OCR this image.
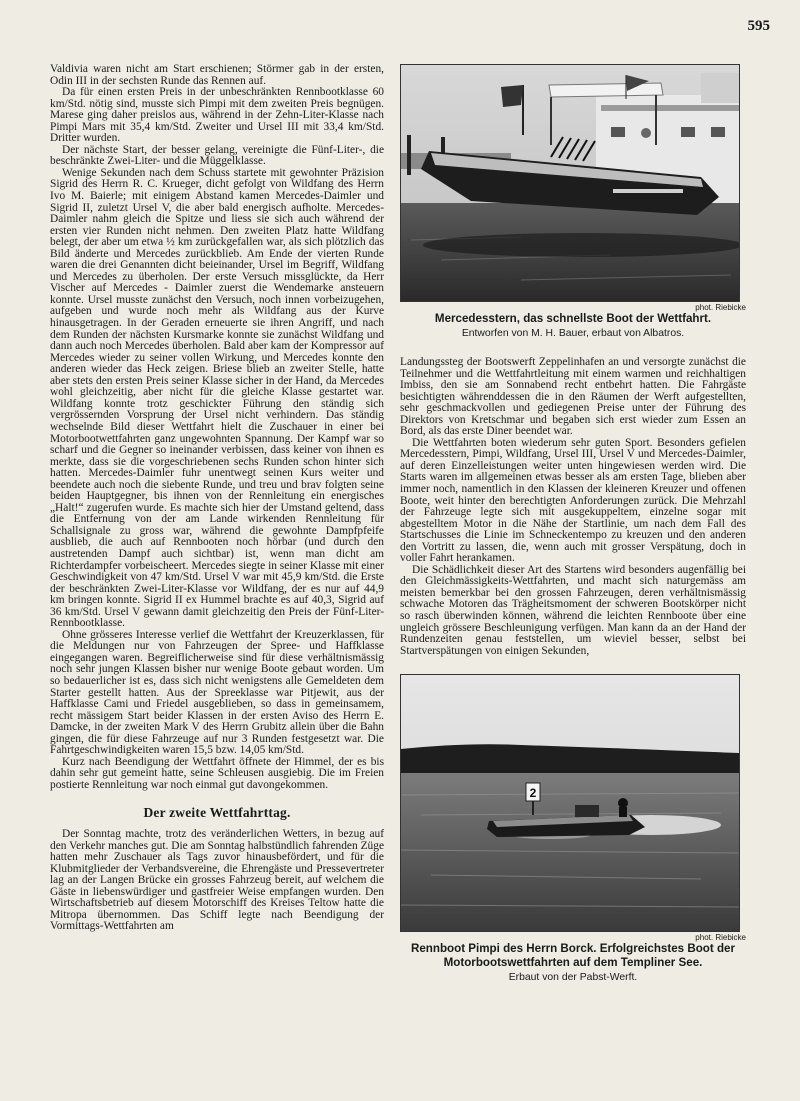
595

Valdivia waren nicht am Start erschienen; Störmer gab in der ersten, Odin III in der sechsten Runde das Rennen auf.

Da für einen ersten Preis in der unbeschränkten Rennbootklasse 60 km/Std. nötig sind, musste sich Pimpi mit dem zweiten Preis begnügen. Marese ging daher preislos aus, während in der Zehn-Liter-Klasse nach Pimpi Mars mit 35,4 km/Std. Zweiter und Ursel III mit 33,4 km/Std. Dritter wurden.

Der nächste Start, der besser gelang, vereinigte die Fünf-Liter-, die beschränkte Zwei-Liter- und die Müggelklasse.

Wenige Sekunden nach dem Schuss startete mit gewohnter Präzision Sigrid des Herrn R. C. Krueger, dicht gefolgt von Wildfang des Herrn Ivo M. Baierle; mit einigem Abstand kamen Mercedes-Daimler und Sigrid II, zuletzt Ursel V, die aber bald energisch aufholte. Mercedes-Daimler nahm gleich die Spitze und liess sie sich auch während der ersten vier Runden nicht nehmen. Den zweiten Platz hatte Wildfang belegt, der aber um etwa ½ km zurückgefallen war, als sich plötzlich das Bild änderte und Mercedes zurückblieb. Am Ende der vierten Runde waren die drei Genannten dicht beieinander, Ursel im Begriff, Wildfang und Mercedes zu überholen. Der erste Versuch missglückte, da Herr Vischer auf Mercedes - Daimler zuerst die Wendemarke ansteuern konnte. Ursel musste zunächst den Versuch, noch innen vorbeizugehen, aufgeben und wurde noch mehr als Wildfang aus der Kurve hinausgetragen. In der Geraden erneuerte sie ihren Angriff, und nach dem Runden der nächsten Kursmarke konnte sie zunächst Wildfang und dann auch noch Mercedes überholen. Bald aber kam der Kompressor auf Mercedes wieder zu seiner vollen Wirkung, und Mercedes konnte den anderen wieder das Heck zeigen. Briese blieb an zweiter Stelle, hatte aber stets den ersten Preis seiner Klasse sicher in der Hand, da Mercedes wohl gleichzeitig, aber nicht für die gleiche Klasse gestartet war. Wildfang konnte trotz geschickter Führung den ständig sich vergrössernden Vorsprung der Ursel nicht verhindern. Das ständig wechselnde Bild dieser Wettfahrt hielt die Zuschauer in einer bei Motorbootwettfahrten ganz ungewohnten Spannung. Der Kampf war so scharf und die Gegner so ineinander verbissen, dass keiner von ihnen es merkte, dass sie die vorgeschriebenen sechs Runden schon hinter sich hatten. Mercedes-Daimler fuhr unentwegt seinen Kurs weiter und beendete auch noch die siebente Runde, und treu und brav folgten seine beiden Hauptgegner, bis ihnen von der Rennleitung ein energisches „Halt!“ zugerufen wurde. Es machte sich hier der Umstand geltend, dass die Entfernung von der am Lande wirkenden Rennleitung für Schallsignale zu gross war, während die gewohnte Dampfpfeife ausblieb, die auch auf Rennbooten noch hörbar (und durch den austretenden Dampf auch sichtbar) ist, wenn man dicht am Richterdampfer vorbeischeert. Mercedes siegte in seiner Klasse mit einer Geschwindigkeit von 47 km/Std. Ursel V war mit 45,9 km/Std. die Erste der beschränkten Zwei-Liter-Klasse vor Wildfang, der es nur auf 44,9 km bringen konnte. Sigrid II ex Hummel brachte es auf 40,3, Sigrid auf 36 km/Std. Ursel V gewann damit gleichzeitig den Preis der Fünf-Liter-Rennbootklasse.

Ohne grösseres Interesse verlief die Wettfahrt der Kreuzerklassen, für die Meldungen nur von Fahrzeugen der Spree- und Haffklasse eingegangen waren. Begreiflicherweise sind für diese verhältnismässig noch sehr jungen Klassen bisher nur wenige Boote gebaut worden. Um so bedauerlicher ist es, dass sich nicht wenigstens alle Gemeldeten dem Starter gestellt hatten. Aus der Spreeklasse war Pitjewit, aus der Haffklasse Cami und Friedel ausgeblieben, so dass in gemeinsamem, recht mässigem Start beider Klassen in der ersten Aviso des Herrn E. Damcke, in der zweiten Mark V des Herrn Grubitz allein über die Bahn gingen, die für diese Fahrzeuge auf nur 3 Runden festgesetzt war. Die Fahrtgeschwindigkeiten waren 15,5 bzw. 14,05 km/Std.

Kurz nach Beendigung der Wettfahrt öffnete der Himmel, der es bis dahin sehr gut gemeint hatte, seine Schleusen ausgiebig. Die im Freien postierte Rennleitung war noch einmal gut davongekommen.

Der zweite Wettfahrttag.

Der Sonntag machte, trotz des veränderlichen Wetters, in bezug auf den Verkehr manches gut. Die am Sonntag halbstündlich fahrenden Züge hatten mehr Zuschauer als Tags zuvor hinausbefördert, und für die Klubmitglieder der Verbandsvereine, die Ehrengäste und Pressevertreter lag an der Langen Brücke ein grosses Fahrzeug bereit, auf welchem die Gäste in liebenswürdiger und gastfreier Weise empfangen wurden. Den Wirtschaftsbetrieb auf diesem Motorschiff des Kreises Teltow hatte die Mitropa übernommen. Das Schiff legte nach Beendigung der Vormittags-Wettfahrten am

phot. Riebicke
Mercedesstern, das schnellste Boot der Wettfahrt.
Entworfen von M. H. Bauer, erbaut von Albatros.

Landungssteg der Bootswerft Zeppelinhafen an und versorgte zunächst die Teilnehmer und die Wettfahrtleitung mit einem warmen und reichhaltigen Imbiss, den sie am Sonnabend recht entbehrt hatten. Die Fahrgäste besichtigten währenddessen die in den Räumen der Werft aufgestellten, sehr geschmackvollen und gediegenen Preise unter der Führung des Direktors von Kretschmar und begaben sich erst wieder zum Essen an Bord, als das erste Diner beendet war.

Die Wettfahrten boten wiederum sehr guten Sport. Besonders gefielen Mercedesstern, Pimpi, Wildfang, Ursel III, Ursel V und Mercedes-Daimler, auf deren Einzelleistungen weiter unten hingewiesen werden wird. Die Starts waren im allgemeinen etwas besser als am ersten Tage, blieben aber immer noch, namentlich in den Klassen der kleineren Kreuzer und offenen Boote, weit hinter den berechtigten Anforderungen zurück. Die Mehrzahl der Fahrzeuge legte sich mit ausgekuppeltem, einzelne sogar mit abgestelltem Motor in die Nähe der Startlinie, um nach dem Fall des Startschusses die Linie im Schneckentempo zu kreuzen und den anderen den Vortritt zu lassen, die, wenn auch mit grosser Verspätung, doch in voller Fahrt herankamen.

Die Schädlichkeit dieser Art des Startens wird besonders augenfällig bei den Gleichmässigkeits-Wettfahrten, und macht sich naturgemäss am meisten bemerkbar bei den grossen Fahrzeugen, deren verhältnismässig schwache Motoren das Trägheitsmoment der schweren Bootskörper nicht so rasch überwinden können, während die leichten Rennboote über eine ungleich grössere Beschleunigung verfügen. Man kann da an der Hand der Rundenzeiten genau feststellen, um wieviel besser, selbst bei Startverspätungen von einigen Sekunden,

2
phot. Riebicke
Rennboot Pimpi des Herrn Borck. Erfolgreichstes Boot der
Motorbootswettfahrten auf dem Templiner See.
Erbaut von der Pabst-Werft.
